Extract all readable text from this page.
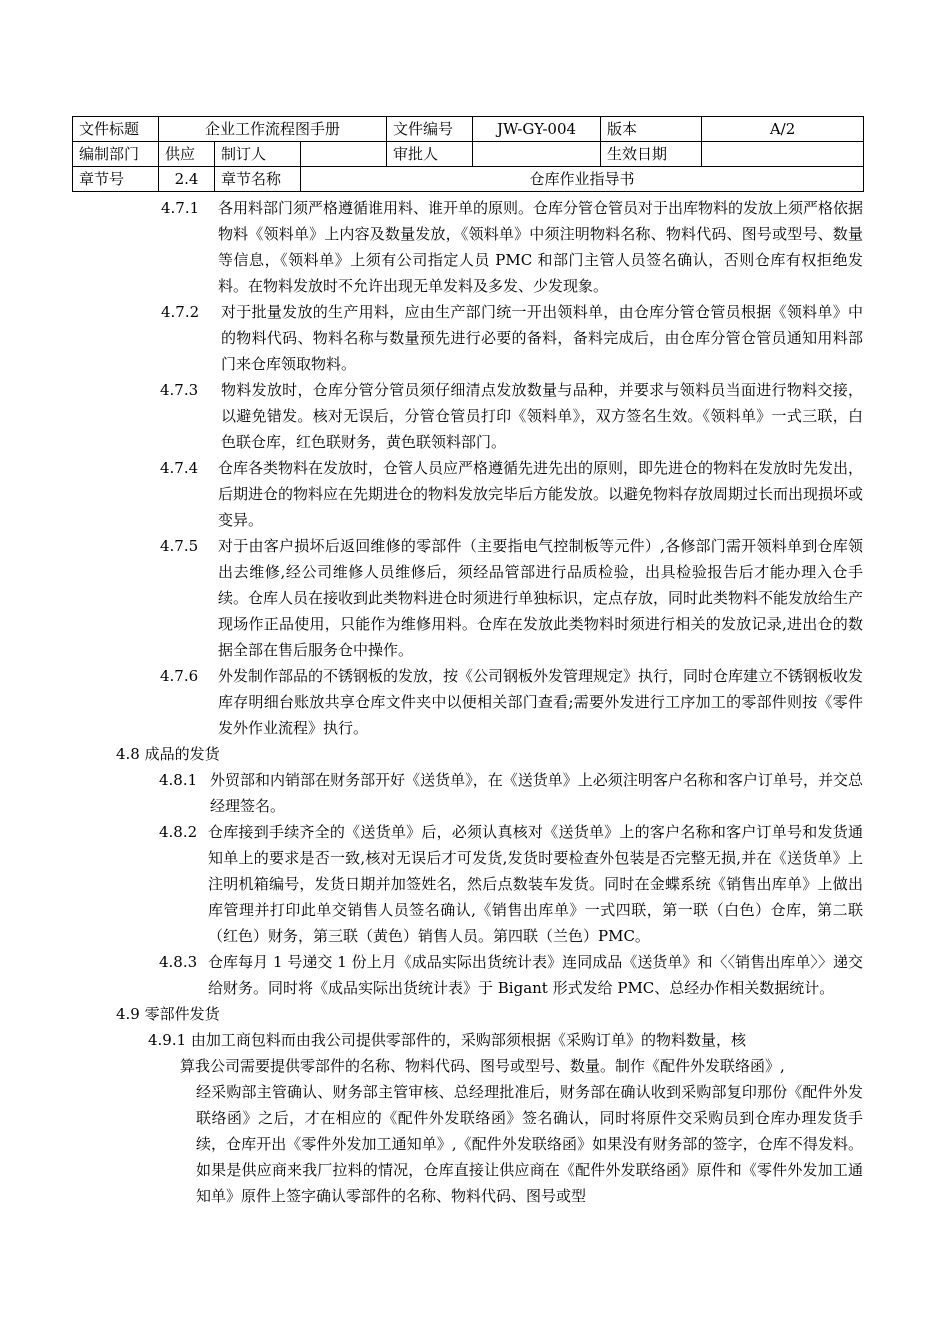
文件标题	企业工作流程图手册			文件编号	JW-GY-004	版本	A/2
编制部门	供应	制订人		审批人		生效日期	
章节号	2.4	章节名称	仓库作业指导书				
4.7.1 各用料部门须严格遵循谁用料、谁开单的原则。仓库分管仓管员对于出库物料的发放上须严格依据物料《领料单》上内容及数量发放，《领料单》中须注明物料名称、物料代码、图号或型号、数量等信息，《领料单》上须有公司指定人员 PMC 和部门主管人员签名确认，否则仓库有权拒绝发料。在物料发放时不允许出现无单发料及多发、少发现象。
4.7.2 对于批量发放的生产用料，应由生产部门统一开出领料单，由仓库分管仓管员根据《领料单》中的物料代码、物料名称与数量预先进行必要的备料，备料完成后，由仓库分管仓管员通知用料部门来仓库领取物料。
4.7.3 物料发放时，仓库分管分管员须仔细清点发放数量与品种，并要求与领料员当面进行物料交接，以避免错发。核对无误后，分管仓管员打印《领料单》，双方签名生效。《领料单》一式三联，白色联仓库，红色联财务，黄色联领料部门。
4.7.4 仓库各类物料在发放时，仓管人员应严格遵循先进先出的原则，即先进仓的物料在发放时先发出，后期进仓的物料应在先期进仓的物料发放完毕后方能发放。以避免物料存放周期过长而出现损坏或变异。
4.7.5 对于由客户损坏后返回维修的零部件（主要指电气控制板等元件）,各修部门需开领料单到仓库领出去维修,经公司维修人员维修后，须经品管部进行品质检验，出具检验报告后才能办理入仓手续。仓库人员在接收到此类物料进仓时须进行单独标识，定点存放，同时此类物料不能发放给生产现场作正品使用，只能作为维修用料。仓库在发放此类物料时须进行相关的发放记录,进出仓的数据全部在售后服务仓中操作。
4.7.6 外发制作部品的不锈钢板的发放，按《公司钢板外发管理规定》执行，同时仓库建立不锈钢板收发库存明细台账放共享仓库文件夹中以便相关部门查看;需要外发进行工序加工的零部件则按《零件发外作业流程》执行。
4.8 成品的发货
4.8.1 外贸部和内销部在财务部开好《送货单》，在《送货单》上必须注明客户名称和客户订单号，并交总经理签名。
4.8.2 仓库接到手续齐全的《送货单》后，必须认真核对《送货单》上的客户名称和客户订单号和发货通知单上的要求是否一致,核对无误后才可发货,发货时要检查外包装是否完整无损,并在《送货单》上注明机箱编号，发货日期并加签姓名，然后点数装车发货。同时在金蝶系统《销售出库单》上做出库管理并打印此单交销售人员签名确认,《销售出库单》一式四联，第一联（白色）仓库，第二联（红色）财务，第三联（黄色）销售人员。第四联（兰色）PMC。
4.8.3 仓库每月 1 号递交 1 份上月《成品实际出货统计表》连同成品《送货单》和〈〈销售出库单〉〉递交给财务。同时将《成品实际出货统计表》于 Bigant 形式发给 PMC、总经办作相关数据统计。
4.9 零部件发货
4.9.1 由加工商包料而由我公司提供零部件的，采购部须根据《采购订单》的物料数量，核
算我公司需要提供零部件的名称、物料代码、图号或型号、数量。制作《配件外发联络函》,
经采购部主管确认、财务部主管审核、总经理批准后，财务部在确认收到采购部复印那份《配件外发联络函》之后，才在相应的《配件外发联络函》签名确认，同时将原件交采购员到仓库办理发货手续，仓库开出《零件外发加工通知单》,《配件外发联络函》如果没有财务部的签字，仓库不得发料。如果是供应商来我厂拉料的情况，仓库直接让供应商在《配件外发联络函》原件和《零件外发加工通知单》原件上签字确认零部件的名称、物料代码、图号或型
